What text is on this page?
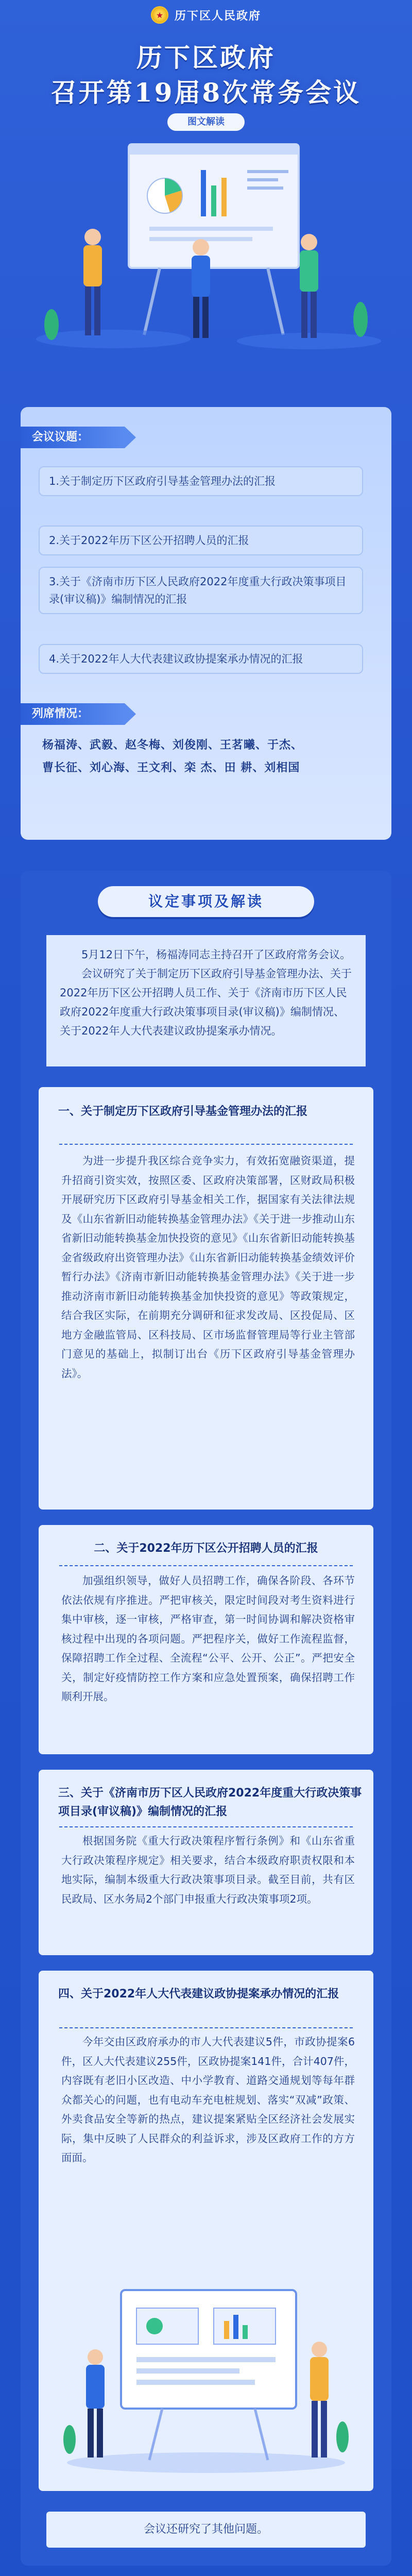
★ 历下区人民政府
历下区政府
召开第19届8次常务会议
图文解读
会议议题：
1.关于制定历下区政府引导基金管理办法的汇报
2.关于2022年历下区公开招聘人员的汇报
3.关于《济南市历下区人民政府2022年度重大行政决策事项目录(审议稿)》编制情况的汇报
4.关于2022年人大代表建议政协提案承办情况的汇报
列席情况：
杨福涛、武毅、赵冬梅、刘俊刚、王茗曦、于杰、
曹长征、刘心海、王文利、栾 杰、田 耕、刘相国
议定事项及解读
5月12日下午，杨福涛同志主持召开了区政府常务会议。
会议研究了关于制定历下区政府引导基金管理办法、关于2022年历下区公开招聘人员工作、关于《济南市历下区人民政府2022年度重大行政决策事项目录(审议稿)》编制情况、关于2022年人大代表建议政协提案承办情况。
一、关于制定历下区政府引导基金管理办法的汇报
为进一步提升我区综合竞争实力，有效拓宽融资渠道，提升招商引资实效，按照区委、区政府决策部署，区财政局积极开展研究历下区政府引导基金相关工作，据国家有关法律法规及《山东省新旧动能转换基金管理办法》《关于进一步推动山东省新旧动能转换基金加快投资的意见》《山东省新旧动能转换基金省级政府出资管理办法》《山东省新旧动能转换基金绩效评价暂行办法》《济南市新旧动能转换基金管理办法》《关于进一步推动济南市新旧动能转换基金加快投资的意见》等政策规定，结合我区实际，在前期充分调研和征求发改局、区投促局、区地方金融监管局、区科技局、区市场监督管理局等行业主管部门意见的基础上，拟制订出台《历下区政府引导基金管理办法》。
二、关于2022年历下区公开招聘人员的汇报
加强组织领导，做好人员招聘工作，确保各阶段、各环节依法依规有序推进。严把审核关，限定时间段对考生资料进行集中审核，逐一审核，严格审查，第一时间协调和解决资格审核过程中出现的各项问题。严把程序关，做好工作流程监督，保障招聘工作全过程、全流程“公平、公开、公正”。严把安全关，制定好疫情防控工作方案和应急处置预案，确保招聘工作顺利开展。
三、关于《济南市历下区人民政府2022年度重大行政决策事项目录(审议稿)》编制情况的汇报
根据国务院《重大行政决策程序暂行条例》和《山东省重大行政决策程序规定》相关要求，结合本级政府职责权限和本地实际，编制本级重大行政决策事项目录。截至目前，共有区民政局、区水务局2个部门申报重大行政决策事项2项。
四、关于2022年人大代表建议政协提案承办情况的汇报
今年交由区政府承办的市人大代表建议5件，市政协提案6件，区人大代表建议255件，区政协提案141件，合计407件，内容既有老旧小区改造、中小学教育、道路交通规划等每年群众都关心的问题，也有电动车充电桩规划、落实“双减”政策、外卖食品安全等新的热点，建议提案紧贴全区经济社会发展实际，集中反映了人民群众的利益诉求，涉及区政府工作的方方面面。
会议还研究了其他问题。
